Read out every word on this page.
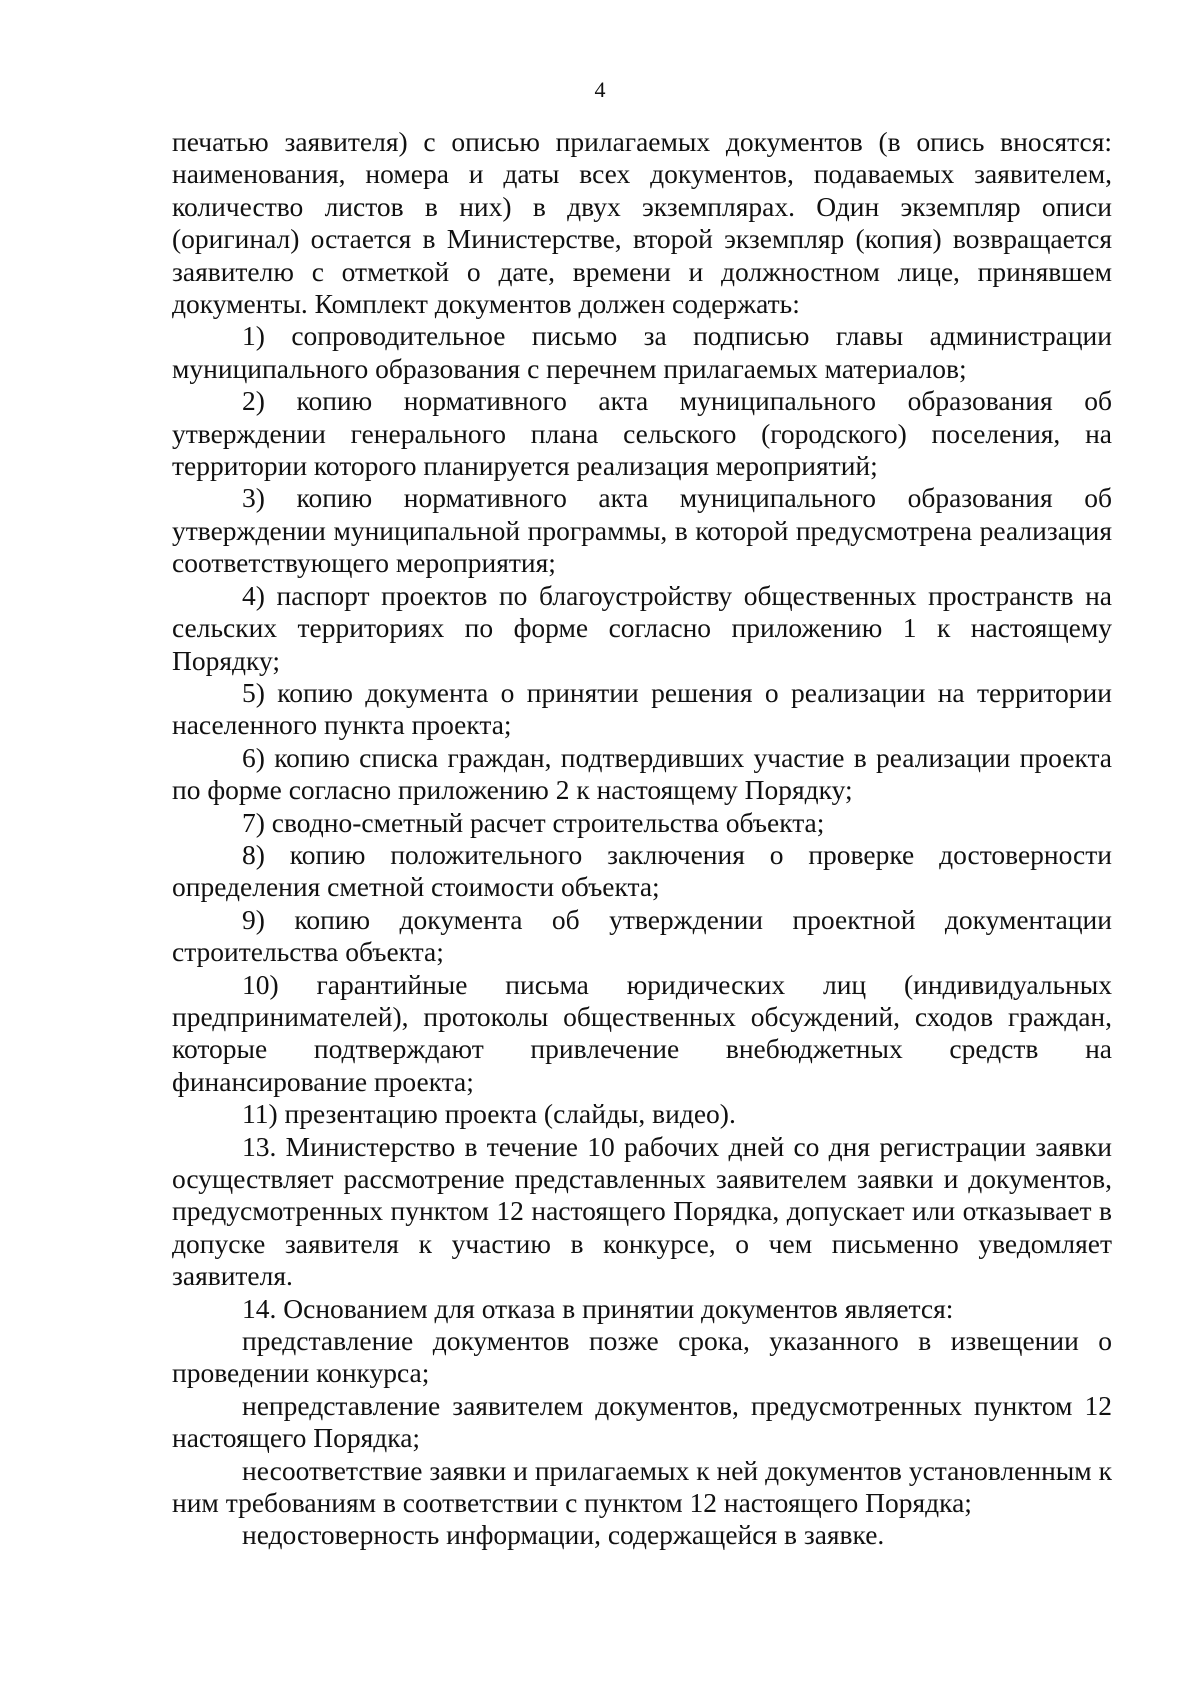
4

печатью заявителя) с описью прилагаемых документов (в опись вносятся: наименования, номера и даты всех документов, подаваемых заявителем, количество листов в них) в двух экземплярах. Один экземпляр описи (оригинал) остается в Министерстве, второй экземпляр (копия) возвращается заявителю с отметкой о дате, времени и должностном лице, принявшем документы. Комплект документов должен содержать:

1) сопроводительное письмо за подписью главы администрации муниципального образования с перечнем прилагаемых материалов;

2) копию нормативного акта муниципального образования об утверждении генерального плана сельского (городского) поселения, на территории которого планируется реализация мероприятий;

3) копию нормативного акта муниципального образования об утверждении муниципальной программы, в которой предусмотрена реализация соответствующего мероприятия;

4) паспорт проектов по благоустройству общественных пространств на сельских территориях по форме согласно приложению 1 к настоящему Порядку;

5) копию документа о принятии решения о реализации на территории населенного пункта проекта;

6) копию списка граждан, подтвердивших участие в реализации проекта по форме согласно приложению 2 к настоящему Порядку;

7) сводно-сметный расчет строительства объекта;

8) копию положительного заключения о проверке достоверности определения сметной стоимости объекта;

9) копию документа об утверждении проектной документации строительства объекта;

10) гарантийные письма юридических лиц (индивидуальных предпринимателей), протоколы общественных обсуждений, сходов граждан, которые подтверждают привлечение внебюджетных средств на финансирование проекта;

11) презентацию проекта (слайды, видео).

13. Министерство в течение 10 рабочих дней со дня регистрации заявки осуществляет рассмотрение представленных заявителем заявки и документов, предусмотренных пунктом 12 настоящего Порядка, допускает или отказывает в допуске заявителя к участию в конкурсе, о чем письменно уведомляет заявителя.

14. Основанием для отказа в принятии документов является:

представление документов позже срока, указанного в извещении о проведении конкурса;

непредставление заявителем документов, предусмотренных пунктом 12 настоящего Порядка;

несоответствие заявки и прилагаемых к ней документов установленным к ним требованиям в соответствии с пунктом 12 настоящего Порядка;

недостоверность информации, содержащейся в заявке.
